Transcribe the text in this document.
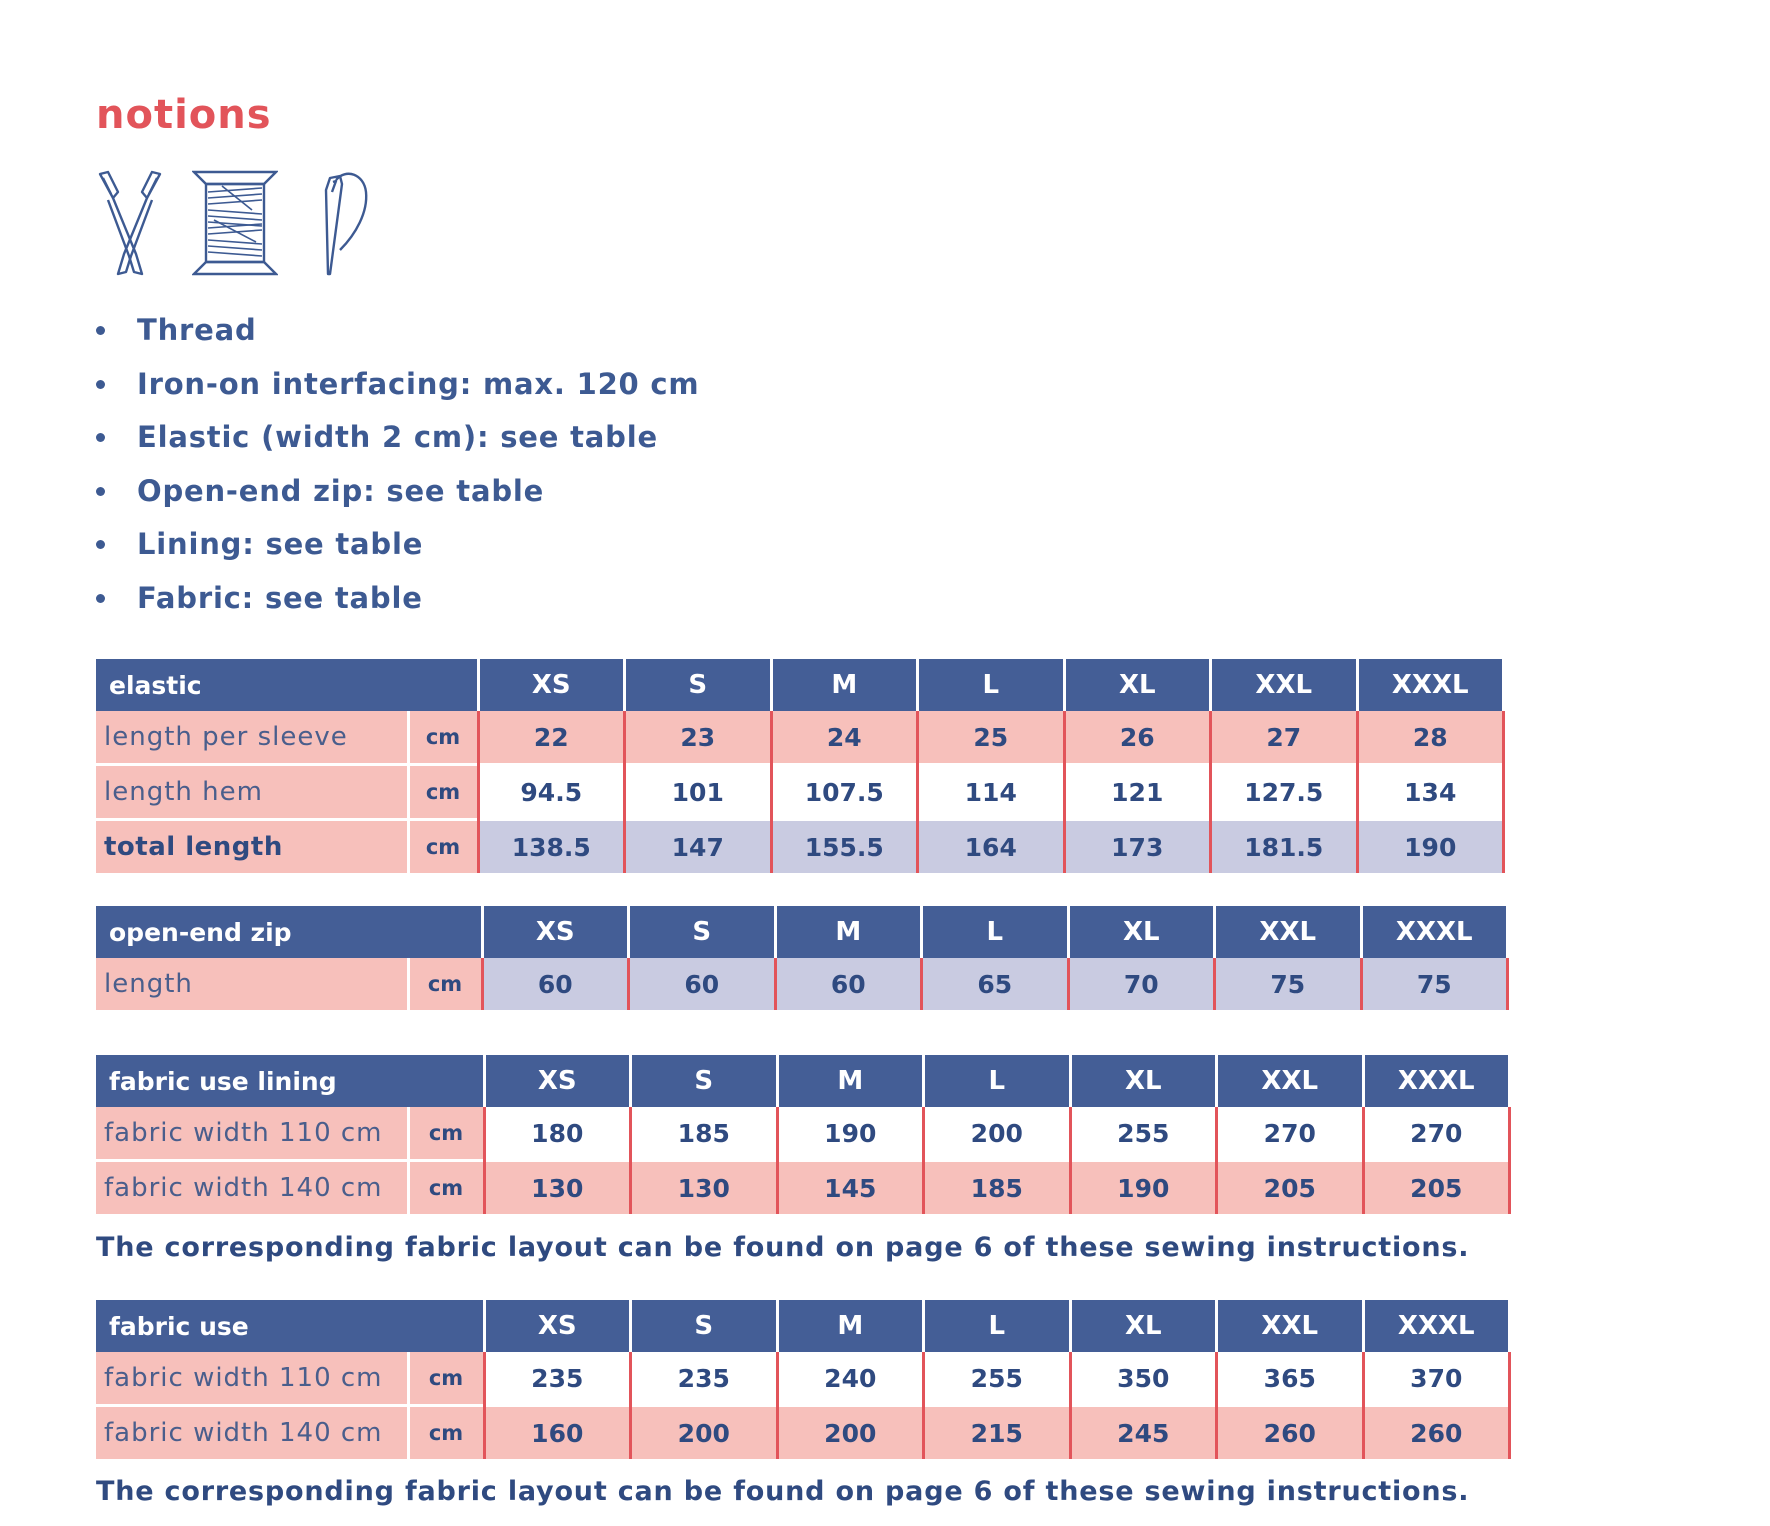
notions
Thread
Iron-on interfacing: max. 120 cm
Elastic (width 2 cm): see table
Open-end zip: see table
Lining: see table
Fabric: see table
elastic		XS	S	M	L	XL	XXL	XXXL
length per sleeve	cm	22	23	24	25	26	27	28
length hem	cm	94.5	101	107.5	114	121	127.5	134
total length	cm	138.5	147	155.5	164	173	181.5	190
open-end zip		XS	S	M	L	XL	XXL	XXXL
length	cm	60	60	60	65	70	75	75
fabric use lining		XS	S	M	L	XL	XXL	XXXL
fabric width 110 cm	cm	180	185	190	200	255	270	270
fabric width 140 cm	cm	130	130	145	185	190	205	205
The corresponding fabric layout can be found on page 6 of these sewing instructions.
fabric use		XS	S	M	L	XL	XXL	XXXL
fabric width 110 cm	cm	235	235	240	255	350	365	370
fabric width 140 cm	cm	160	200	200	215	245	260	260
The corresponding fabric layout can be found on page 6 of these sewing instructions.
